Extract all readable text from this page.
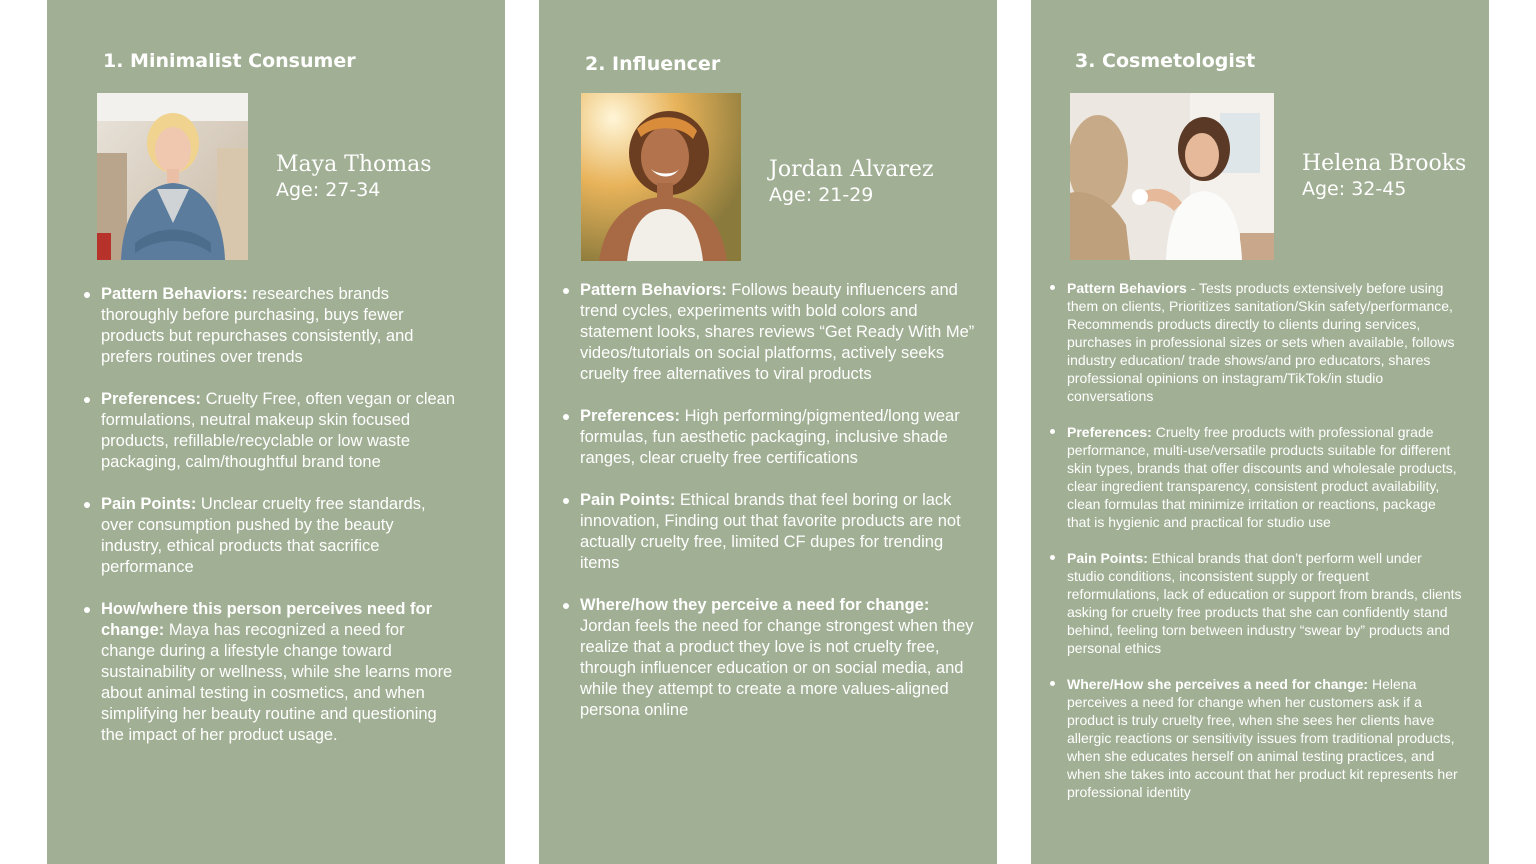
1. Minimalist Consumer
Maya Thomas
Age: 27-34
Pattern Behaviors: researches brands thoroughly before purchasing, buys fewer products but repurchases consistently, and prefers routines over trends
Preferences: Cruelty Free, often vegan or clean formulations, neutral makeup skin focused products, refillable/recyclable or low waste packaging, calm/thoughtful brand tone
Pain Points: Unclear cruelty free standards, over consumption pushed by the beauty industry, ethical products that sacrifice performance
How/where this person perceives need for change: Maya has recognized a need for change during a lifestyle change toward sustainability or wellness, while she learns more about animal testing in cosmetics, and when simplifying her beauty routine and questioning the impact of her product usage.
2. Influencer
Jordan Alvarez
Age: 21-29
Pattern Behaviors: Follows beauty influencers and trend cycles, experiments with bold colors and statement looks, shares reviews “Get Ready With Me” videos/tutorials on social platforms, actively seeks cruelty free alternatives to viral products
Preferences: High performing/pigmented/long wear formulas, fun aesthetic packaging, inclusive shade ranges, clear cruelty free certifications
Pain Points: Ethical brands that feel boring or lack innovation, Finding out that favorite products are not actually cruelty free, limited CF dupes for trending items
Where/how they perceive a need for change: Jordan feels the need for change strongest when they realize that a product they love is not cruelty free, through influencer education or on social media, and while they attempt to create a more values-aligned persona online
3. Cosmetologist
Helena Brooks
Age: 32-45
Pattern Behaviors - Tests products extensively before using them on clients, Prioritizes sanitation/Skin safety/performance, Recommends products directly to clients during services, purchases in professional sizes or sets when available, follows industry education/ trade shows/and pro educators, shares professional opinions on instagram/TikTok/in studio conversations
Preferences: Cruelty free products with professional grade performance, multi-use/versatile products suitable for different skin types, brands that offer discounts and wholesale products, clear ingredient transparency, consistent product availability, clean formulas that minimize irritation or reactions, package that is hygienic and practical for studio use
Pain Points: Ethical brands that don’t perform well under studio conditions, inconsistent supply or frequent reformulations, lack of education or support from brands, clients asking for cruelty free products that she can confidently stand behind, feeling torn between industry “swear by” products and personal ethics
Where/How she perceives a need for change: Helena perceives a need for change when her customers ask if a product is truly cruelty free, when she sees her clients have allergic reactions or sensitivity issues from traditional products, when she educates herself on animal testing practices, and when she takes into account that her product kit represents her professional identity
